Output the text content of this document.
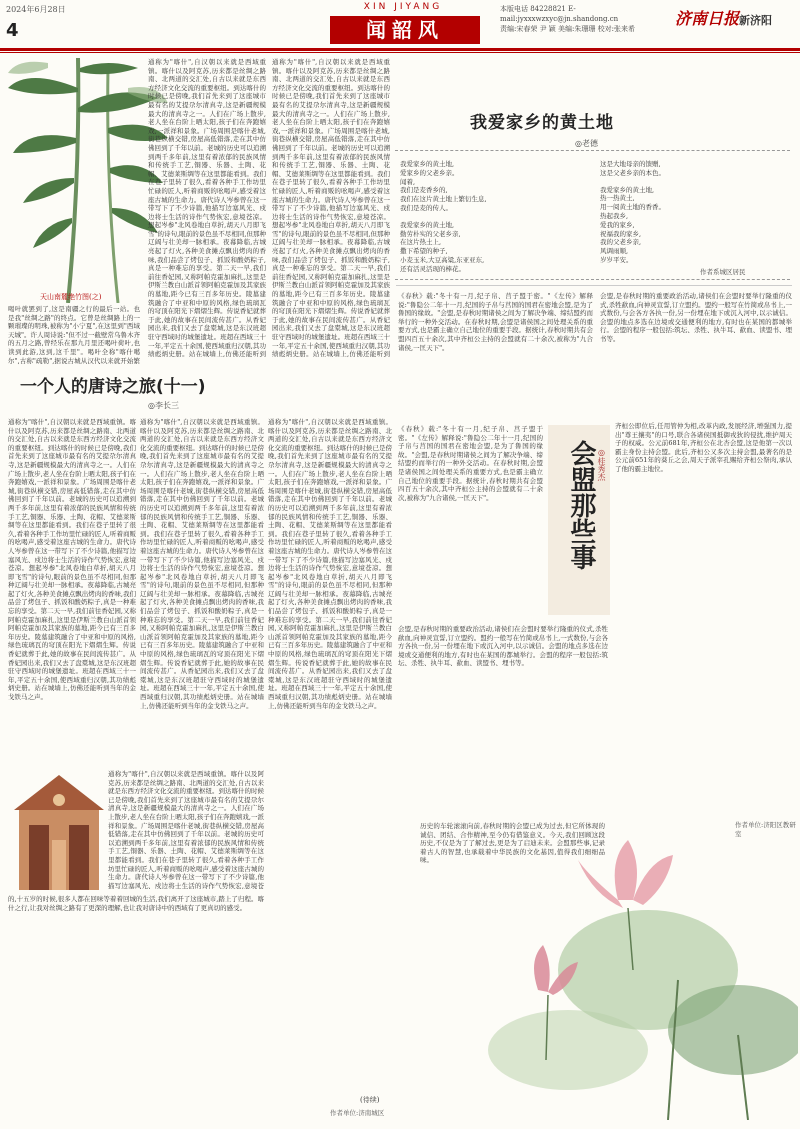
2024年6月28日
4
XIN JIYANG
闻韶风
本版电话 84228821 E-mail:jyxxxwzxyc@jn.shandong.cn
责编:宋春荣 尹 颖 美编:朱珊珊 校对:张来希
济南日报新济阳
天山南麓绝竹图(之)
喝叶就罢到了,这是南疆之行的最后一站。也是我"丝绸之路"的终点。它曾是丝绸路上的一颗璀璨的明珠,被称为"小宁夏",在这里到"西域天城"。许人周诗说:"但不过一截壁常乌鲁木齐的五月之路,曾经乐在那九月里还喝叶荷叶,也读到此游,这到,这千里"。喝叶全称"喀什噶尔",古称"疏勒",据说古城从汉代以来就开始繁
通称为"喀什",自汉朝以来就是西域重镇。喀什以及阿克苏,历来都是丝绸之路南、北两道的交汇处,自古以来就是东西方经济文化交流的重要枢纽。到达喀什的时候已是傍晚,我们首先来到了这座城市最有名的艾提尕尔清真寺,这是新疆规模最大的清真寺之一。人们在广场上散步,老人坐在台阶上晒太阳,孩子们在奔跑嬉戏,一派祥和景象。广场周围是喀什老城,街巷纵横交错,房屋高低错落,走在其中仿佛回到了千年以前。老城的历史可以追溯到两千多年前,这里有着浓郁的民族风情和传统手工艺,铜器、乐器、土陶、花帽、艾德莱斯绸等在这里都能看到。我们在巷子里转了很久,看着各种手工作坊里忙碌的匠人,听着商贩的吆喝声,感受着这座古城的生命力。唐代诗人岑参曾在这一带写下了不少诗篇,他描写边塞风光、戍边将士生活的诗作气势恢宏,意境苍凉。想起岑参"北风卷地白草折,胡天八月即飞雪"的诗句,眼前的景色虽不尽相同,但那种辽阔与壮美却一脉相承。夜幕降临,古城亮起了灯火,各种美食摊点飘出烤肉的香味,我们品尝了烤包子、抓饭和酸奶粽子,真是一种难忘的享受。第二天一早,我们前往香妃园,又称阿帕克霍加麻扎,这里是伊斯兰教白山派首领阿帕克霍加及其家族的墓地,距今已有三百多年历史。陵墓建筑融合了中亚和中原的风格,绿色琉璃瓦的穹顶在阳光下熠熠生辉。传说香妃就葬于此,她的故事在民间流传甚广。从香妃园出来,我们又去了盘橐城,这是东汉班超驻守西域时的城堡遗址。班超在西域三十一年,平定五十余国,使西域重归汉朝,其功绩彪炳史册。站在城墙上,仿佛还能听到
通称为"喀什",自汉朝以来就是西域重镇。喀什以及阿克苏,历来都是丝绸之路南、北两道的交汇处,自古以来就是东西方经济文化交流的重要枢纽。到达喀什的时候已是傍晚,我们首先来到了这座城市最有名的艾提尕尔清真寺,这是新疆规模最大的清真寺之一。人们在广场上散步,老人坐在台阶上晒太阳,孩子们在奔跑嬉戏,一派祥和景象。广场周围是喀什老城,街巷纵横交错,房屋高低错落,走在其中仿佛回到了千年以前。老城的历史可以追溯到两千多年前,这里有着浓郁的民族风情和传统手工艺,铜器、乐器、土陶、花帽、艾德莱斯绸等在这里都能看到。我们在巷子里转了很久,看着各种手工作坊里忙碌的匠人,听着商贩的吆喝声,感受着这座古城的生命力。唐代诗人岑参曾在这一带写下了不少诗篇,他描写边塞风光、戍边将士生活的诗作气势恢宏,意境苍凉。想起岑参"北风卷地白草折,胡天八月即飞雪"的诗句,眼前的景色虽不尽相同,但那种辽阔与壮美却一脉相承。夜幕降临,古城亮起了灯火,各种美食摊点飘出烤肉的香味,我们品尝了烤包子、抓饭和酸奶粽子,真是一种难忘的享受。第二天一早,我们前往香妃园,又称阿帕克霍加麻扎,这里是伊斯兰教白山派首领阿帕克霍加及其家族的墓地,距今已有三百多年历史。陵墓建筑融合了中亚和中原的风格,绿色琉璃瓦的穹顶在阳光下熠熠生辉。传说香妃就葬于此,她的故事在民间流传甚广。从香妃园出来,我们又去了盘橐城,这是东汉班超驻守西域时的城堡遗址。班超在西域三十一年,平定五十余国,使西域重归汉朝,其功绩彪炳史册。站在城墙上,仿佛还能听到
一个人的唐诗之旅(十一)
◎李长三
通称为"喀什",自汉朝以来就是西域重镇。喀什以及阿克苏,历来都是丝绸之路南、北两道的交汇处,自古以来就是东西方经济文化交流的重要枢纽。到达喀什的时候已是傍晚,我们首先来到了这座城市最有名的艾提尕尔清真寺,这是新疆规模最大的清真寺之一。人们在广场上散步,老人坐在台阶上晒太阳,孩子们在奔跑嬉戏,一派祥和景象。广场周围是喀什老城,街巷纵横交错,房屋高低错落,走在其中仿佛回到了千年以前。老城的历史可以追溯到两千多年前,这里有着浓郁的民族风情和传统手工艺,铜器、乐器、土陶、花帽、艾德莱斯绸等在这里都能看到。我们在巷子里转了很久,看着各种手工作坊里忙碌的匠人,听着商贩的吆喝声,感受着这座古城的生命力。唐代诗人岑参曾在这一带写下了不少诗篇,他描写边塞风光、戍边将士生活的诗作气势恢宏,意境苍凉。想起岑参"北风卷地白草折,胡天八月即飞雪"的诗句,眼前的景色虽不尽相同,但那种辽阔与壮美却一脉相承。夜幕降临,古城亮起了灯火,各种美食摊点飘出烤肉的香味,我们品尝了烤包子、抓饭和酸奶粽子,真是一种难忘的享受。第二天一早,我们前往香妃园,又称阿帕克霍加麻扎,这里是伊斯兰教白山派首领阿帕克霍加及其家族的墓地,距今已有三百多年历史。陵墓建筑融合了中亚和中原的风格,绿色琉璃瓦的穹顶在阳光下熠熠生辉。传说香妃就葬于此,她的故事在民间流传甚广。从香妃园出来,我们又去了盘橐城,这是东汉班超驻守西域时的城堡遗址。班超在西域三十一年,平定五十余国,使西域重归汉朝,其功绩彪炳史册。站在城墙上,仿佛还能听到当年的金戈铁马之声。
通称为"喀什",自汉朝以来就是西域重镇。喀什以及阿克苏,历来都是丝绸之路南、北两道的交汇处,自古以来就是东西方经济文化交流的重要枢纽。到达喀什的时候已是傍晚,我们首先来到了这座城市最有名的艾提尕尔清真寺,这是新疆规模最大的清真寺之一。人们在广场上散步,老人坐在台阶上晒太阳,孩子们在奔跑嬉戏,一派祥和景象。广场周围是喀什老城,街巷纵横交错,房屋高低错落,走在其中仿佛回到了千年以前。老城的历史可以追溯到两千多年前,这里有着浓郁的民族风情和传统手工艺,铜器、乐器、土陶、花帽、艾德莱斯绸等在这里都能看到。我们在巷子里转了很久,看着各种手工作坊里忙碌的匠人,听着商贩的吆喝声,感受着这座古城的生命力。唐代诗人岑参曾在这一带写下了不少诗篇,他描写边塞风光、戍边将士生活的诗作气势恢宏,意境苍凉。想起岑参"北风卷地白草折,胡天八月即飞雪"的诗句,眼前的景色虽不尽相同,但那种辽阔与壮美却一脉相承。夜幕降临,古城亮起了灯火,各种美食摊点飘出烤肉的香味,我们品尝了烤包子、抓饭和酸奶粽子,真是一种难忘的享受。第二天一早,我们前往香妃园,又称阿帕克霍加麻扎,这里是伊斯兰教白山派首领阿帕克霍加及其家族的墓地,距今已有三百多年历史。陵墓建筑融合了中亚和中原的风格,绿色琉璃瓦的穹顶在阳光下熠熠生辉。传说香妃就葬于此,她的故事在民间流传甚广。从香妃园出来,我们又去了盘橐城,这是东汉班超驻守西域时的城堡遗址。班超在西域三十一年,平定五十余国,使西域重归汉朝,其功绩彪炳史册。站在城墙上,仿佛还能听到当年的金戈铁马之声。
通称为"喀什",自汉朝以来就是西域重镇。喀什以及阿克苏,历来都是丝绸之路南、北两道的交汇处,自古以来就是东西方经济文化交流的重要枢纽。到达喀什的时候已是傍晚,我们首先来到了这座城市最有名的艾提尕尔清真寺,这是新疆规模最大的清真寺之一。人们在广场上散步,老人坐在台阶上晒太阳,孩子们在奔跑嬉戏,一派祥和景象。广场周围是喀什老城,街巷纵横交错,房屋高低错落,走在其中仿佛回到了千年以前。老城的历史可以追溯到两千多年前,这里有着浓郁的民族风情和传统手工艺,铜器、乐器、土陶、花帽、艾德莱斯绸等在这里都能看到。我们在巷子里转了很久,看着各种手工作坊里忙碌的匠人,听着商贩的吆喝声,感受着这座古城的生命力。唐代诗人岑参曾在这一带写下了不少诗篇,他描写边塞风光、戍边将士生活的诗作气势恢宏,意境苍凉。想起岑参"北风卷地白草折,胡天八月即飞雪"的诗句,眼前的景色虽不尽相同,但那种辽阔与壮美却一脉相承。夜幕降临,古城亮起了灯火,各种美食摊点飘出烤肉的香味,我们品尝了烤包子、抓饭和酸奶粽子,真是一种难忘的享受。第二天一早,我们前往香妃园,又称阿帕克霍加麻扎,这里是伊斯兰教白山派首领阿帕克霍加及其家族的墓地,距今已有三百多年历史。陵墓建筑融合了中亚和中原的风格,绿色琉璃瓦的穹顶在阳光下熠熠生辉。传说香妃就葬于此,她的故事在民间流传甚广。从香妃园出来,我们又去了盘橐城,这是东汉班超驻守西域时的城堡遗址。班超在西域三十一年,平定五十余国,使西域重归汉朝,其功绩彪炳史册。站在城墙上,仿佛还能听到当年的金戈铁马之声。
通称为"喀什",自汉朝以来就是西域重镇。喀什以及阿克苏,历来都是丝绸之路南、北两道的交汇处,自古以来就是东西方经济文化交流的重要枢纽。到达喀什的时候已是傍晚,我们首先来到了这座城市最有名的艾提尕尔清真寺,这是新疆规模最大的清真寺之一。人们在广场上散步,老人坐在台阶上晒太阳,孩子们在奔跑嬉戏,一派祥和景象。广场周围是喀什老城,街巷纵横交错,房屋高低错落,走在其中仿佛回到了千年以前。老城的历史可以追溯到两千多年前,这里有着浓郁的民族风情和传统手工艺,铜器、乐器、土陶、花帽、艾德莱斯绸等在这里都能看到。我们在巷子里转了很久,看着各种手工作坊里忙碌的匠人,听着商贩的吆喝声,感受着这座古城的生命力。唐代诗人岑参曾在这一带写下了不少诗篇,他描写边塞风光、戍边将士生活的诗作气势恢宏,意境苍
的,十五岁的时候,很多人都在回味等着着回城的生活,我们离开了这座城市,踏上了归程。喀什之行,让我对丝绸之路有了更深的理解,也让我对唐诗中的西域有了更真切的感受。
(待续)
作者单位:济南城区
我爱家乡的黄土地
◎老德
我爱家乡的黄土地,
爱家乡的父老乡亲。
闻着,
我们是麦香乡的,
我们在这片黄土地上繁衍生息,
我们是麦的传人。
我爱家乡的黄土地,
勤劳朴实的父老乡亲,
在这片热土上,
撒下希望的种子,
小麦玉米,大豆高粱,东亚亚东,
还有活灵活现的棒花。
这是大地母亲的馈赠,
这是父老乡亲的本色。
我爱家乡的黄土地,
热一热黄土,
用一阅黄土地的香香。
热起我乡,
爱我的家乡,
祝福我的家乡,
我的父老乡亲,
风调雨顺,
岁岁平安。
作者系城区居民
《春秋》载:"冬十有一月,纪子帛、莒子盟于密。"《左传》解释说:"鲁隐公二年十一月,纪国的子帛与莒国的国君在密地会盟,是为了鲁国的缘故。"会盟,是春秋时期诸侯之间为了解决争端、缔结盟约而举行的一种外交活动。在春秋时期,会盟是诸侯国之间处理关系的重要方式,也是霸主确立自己地位的重要手段。据统计,春秋时期共有会盟四百五十余次,其中齐桓公主持的会盟就有二十余次,被称为"九合诸侯,一匡天下"。
会盟,是春秋时期的重要政治活动,诸侯们在会盟时要举行隆重的仪式,杀牲歃血,向神灵宣誓,订立盟约。盟约一般写在竹简或帛书上,一式数份,与会各方各执一份,另一份埋在地下或沉入河中,以示诚信。会盟的地点多选在边境或交通便利的地方,有时也在某国的都城举行。会盟的程序一般包括:筑坛、杀牲、执牛耳、歃血、读盟书、埋书等。
会盟那些事 ◎桂秀杰
《春秋》载:"冬十有一月,纪子帛、莒子盟于密。"《左传》解释说:"鲁隐公二年十一月,纪国的子帛与莒国的国君在密地会盟,是为了鲁国的缘故。"会盟,是春秋时期诸侯之间为了解决争端、缔结盟约而举行的一种外交活动。在春秋时期,会盟是诸侯国之间处理关系的重要方式,也是霸主确立自己地位的重要手段。据统计,春秋时期共有会盟四百五十余次,其中齐桓公主持的会盟就有二十余次,被称为"九合诸侯,一匡天下"。
齐桓公即位后,任用管仲为相,改革内政,发展经济,增强国力,提出"尊王攘夷"的口号,联合各诸侯国抵御戎狄的侵扰,维护周天子的权威。公元前681年,齐桓公在北杏会盟,这是他第一次以霸主身份主持会盟。此后,齐桓公又多次主持会盟,最著名的是公元前651年的葵丘之会,周天子派宰孔赐给齐桓公祭肉,承认了他的霸主地位。
会盟,是春秋时期的重要政治活动,诸侯们在会盟时要举行隆重的仪式,杀牲歃血,向神灵宣誓,订立盟约。盟约一般写在竹简或帛书上,一式数份,与会各方各执一份,另一份埋在地下或沉入河中,以示诚信。会盟的地点多选在边境或交通便利的地方,有时也在某国的都城举行。会盟的程序一般包括:筑坛、杀牲、执牛耳、歃血、读盟书、埋书等。
历史的车轮滚滚向前,春秋时期的会盟已成为过去,但它所体现的诚信、团结、合作精神,至今仍有借鉴意义。今天,我们回顾这段历史,不仅是为了了解过去,更是为了启迪未来。会盟那些事,记录着古人的智慧,也承载着中华民族的文化基因,值得我们细细品味。
作者单位:济阳区教研室
